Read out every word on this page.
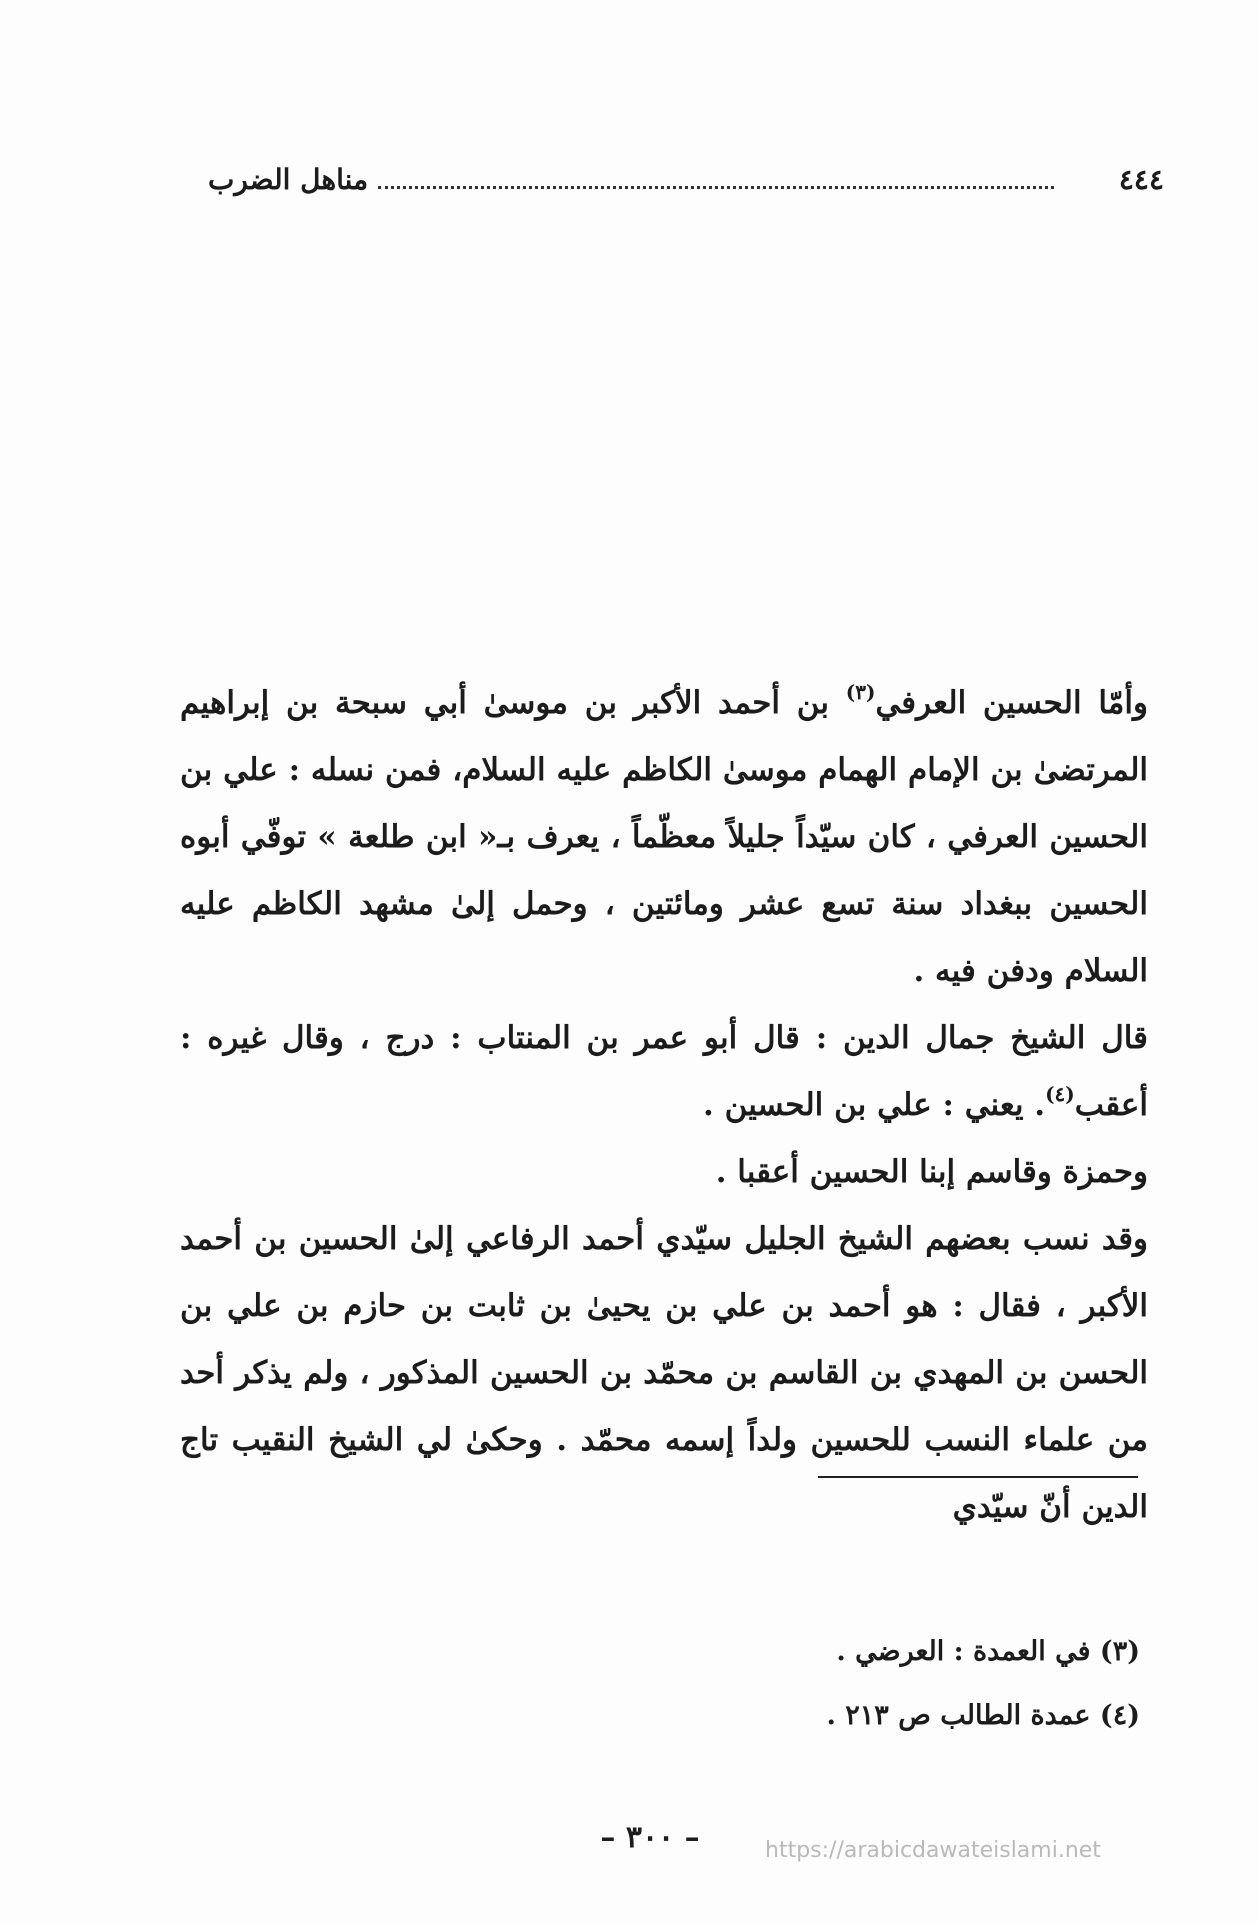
٤٤٤
مناهل الضرب

وأمّا الحسين العرفي$^{(٣)}$ بن أحمد الأكبر بن موسىٰ أبي سبحة بن إبراهيم المرتضىٰ بن الإمام الهمام موسىٰ الكاظم عليه السلام، فمن نسله : علي بن الحسين العرفي ، كان سيّداً جليلاً معظّماً ، يعرف بـ« ابن طلعة » توفّي أبوه الحسين ببغداد سنة تسع عشر ومائتين ، وحمل إلىٰ مشهد الكاظم عليه السلام ودفن فيه .

قال الشيخ جمال الدين : قال أبو عمر بن المنتاب : درج ، وقال غيره : أعقب$^{(٤)}$. يعني : علي بن الحسين .

وحمزة وقاسم إبنا الحسين أعقبا .

وقد نسب بعضهم الشيخ الجليل سيّدي أحمد الرفاعي إلىٰ الحسين بن أحمد الأكبر ، فقال : هو أحمد بن علي بن يحيىٰ بن ثابت بن حازم بن علي بن الحسن بن المهدي بن القاسم بن محمّد بن الحسين المذكور ، ولم يذكر أحد من علماء النسب للحسين ولداً إسمه محمّد . وحكىٰ لي الشيخ النقيب تاج الدين أنّ سيّدي

(٣) في العمدة : العرضي .

(٤) عمدة الطالب ص ٢١٣ .

– ٣٠٠ –	https://arabicdawateislami.net
